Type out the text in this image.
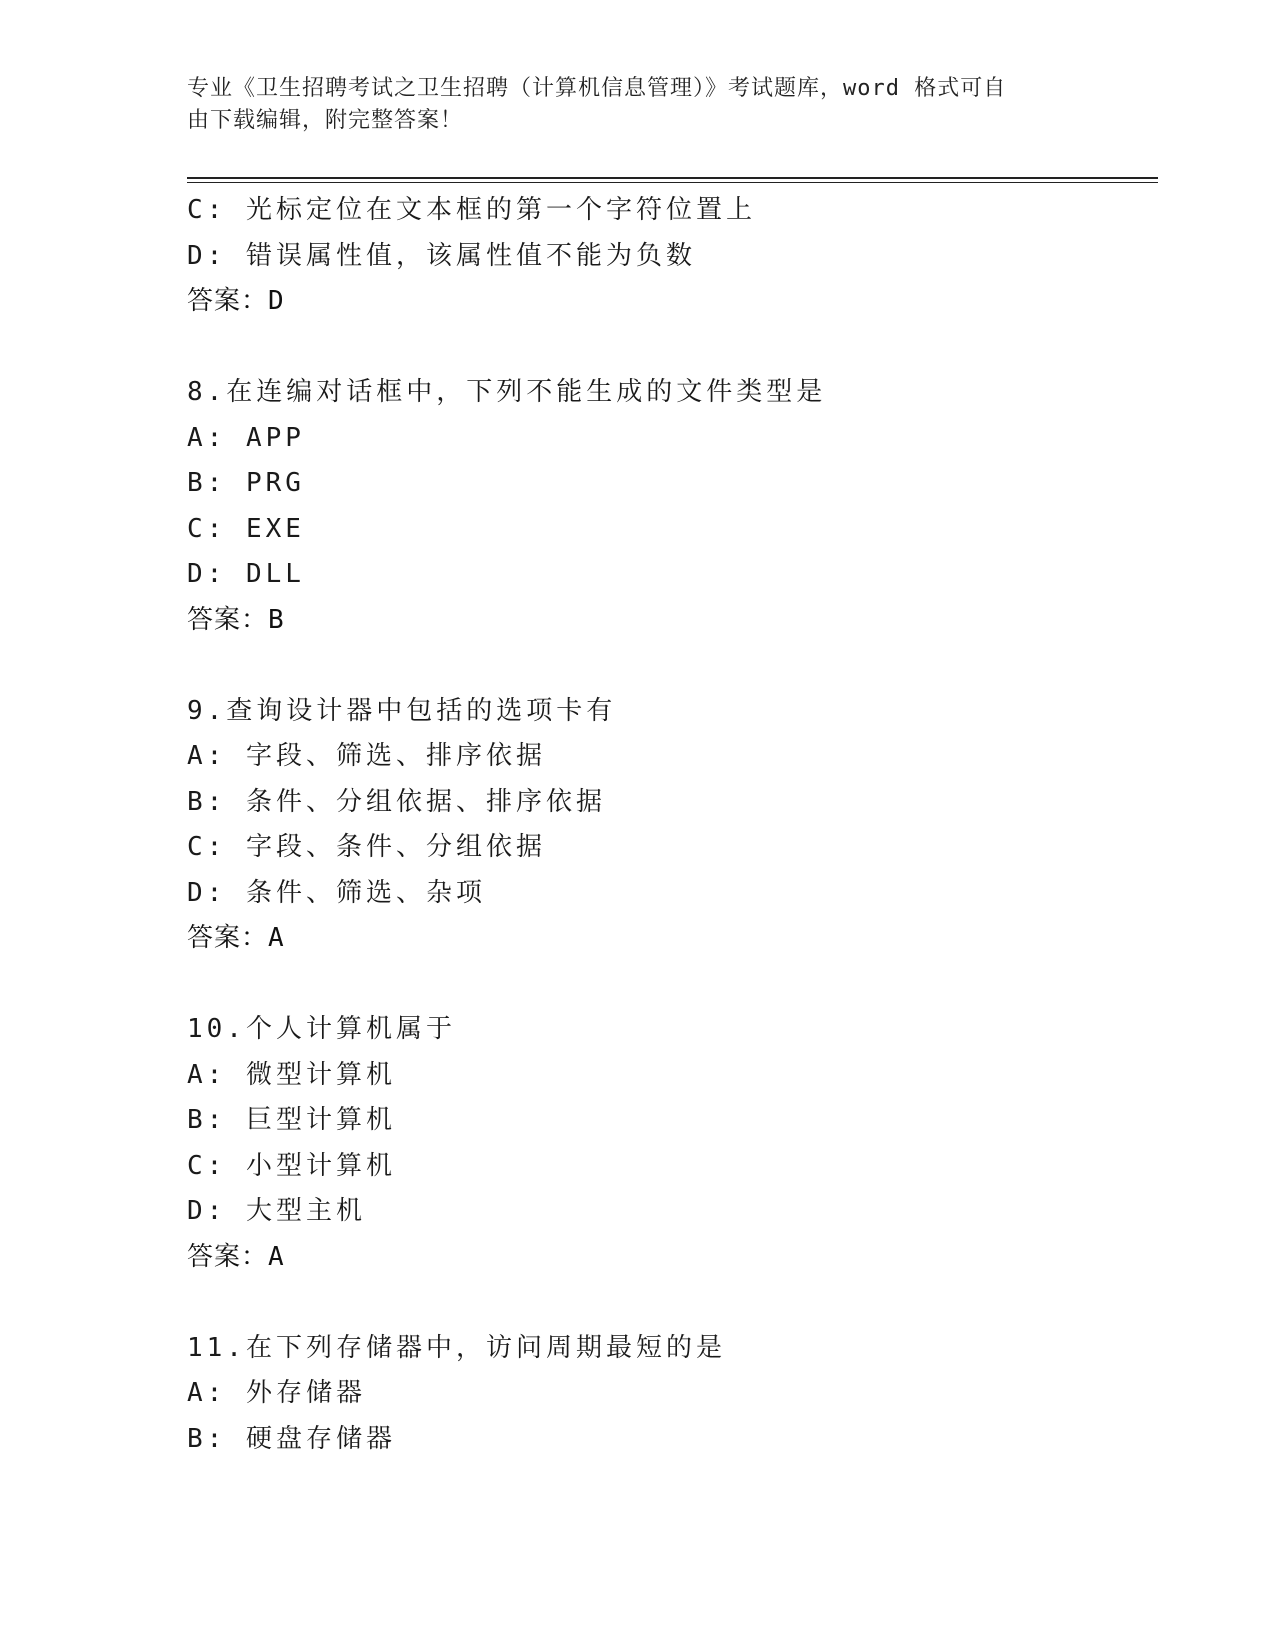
专业《卫生招聘考试之卫生招聘（计算机信息管理）》考试题库，word 格式可自
由下载编辑，附完整答案！
C: 光标定位在文本框的第一个字符位置上
D: 错误属性值，该属性值不能为负数
答案：D
8.在连编对话框中，下列不能生成的文件类型是
A: APP
B: PRG
C: EXE
D: DLL
答案：B
9.查询设计器中包括的选项卡有
A: 字段、筛选、排序依据
B: 条件、分组依据、排序依据
C: 字段、条件、分组依据
D: 条件、筛选、杂项
答案：A
10.个人计算机属于
A: 微型计算机
B: 巨型计算机
C: 小型计算机
D: 大型主机
答案：A
11.在下列存储器中，访问周期最短的是
A: 外存储器
B: 硬盘存储器
